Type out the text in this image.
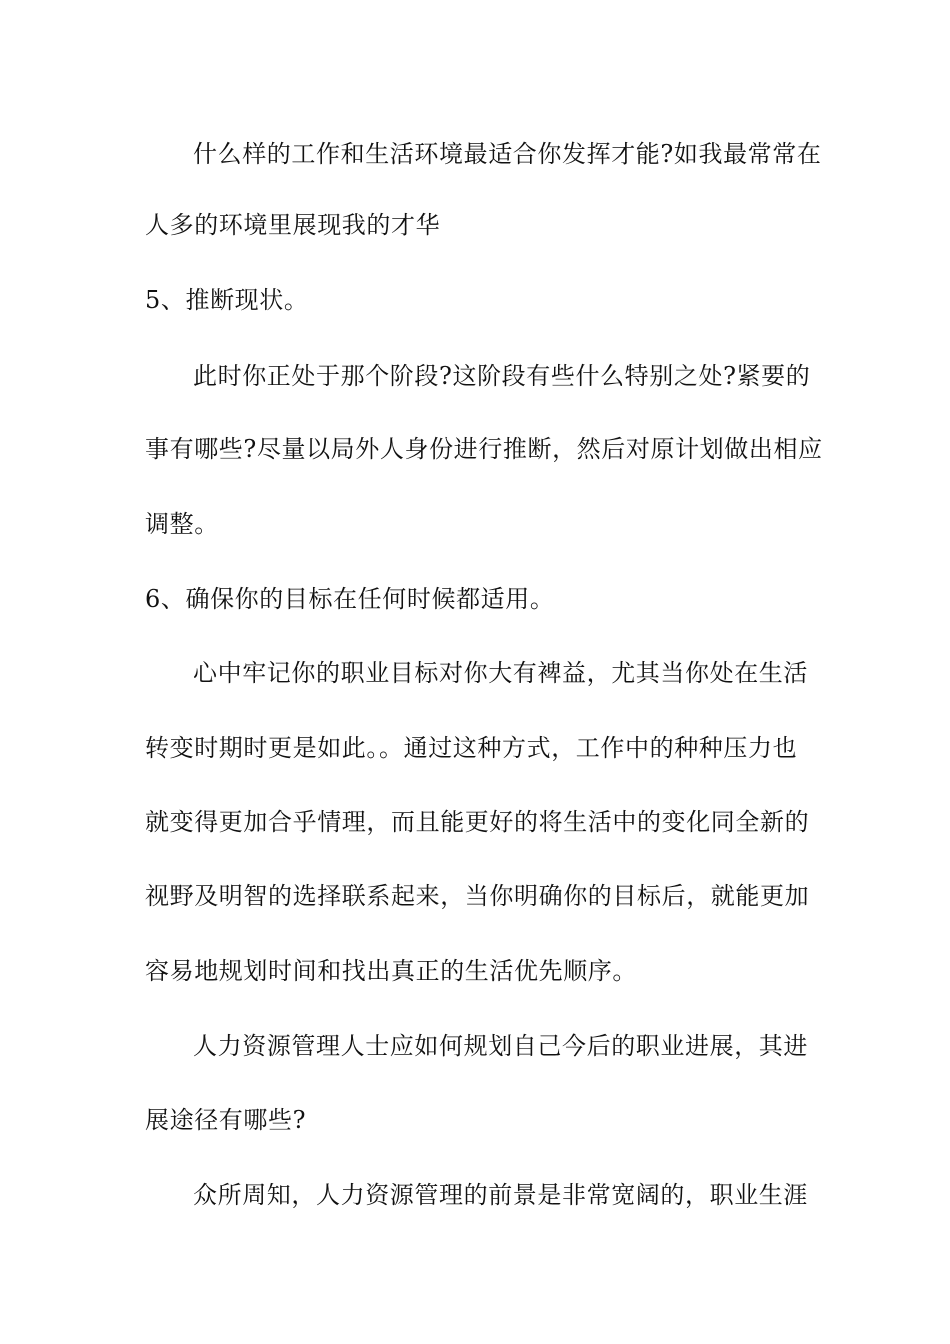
什么样的工作和生活环境最适合你发挥才能?如我最常常在
人多的环境里展现我的才华
5、推断现状。
此时你正处于那个阶段?这阶段有些什么特别之处?紧要的
事有哪些?尽量以局外人身份进行推断，然后对原计划做出相应
调整。
6、确保你的目标在任何时候都适用。
心中牢记你的职业目标对你大有裨益，尤其当你处在生活
转变时期时更是如此。。通过这种方式，工作中的种种压力也
就变得更加合乎情理，而且能更好的将生活中的变化同全新的
视野及明智的选择联系起来，当你明确你的目标后，就能更加
容易地规划时间和找出真正的生活优先顺序。
人力资源管理人士应如何规划自己今后的职业进展，其进
展途径有哪些?
众所周知，人力资源管理的前景是非常宽阔的，职业生涯
